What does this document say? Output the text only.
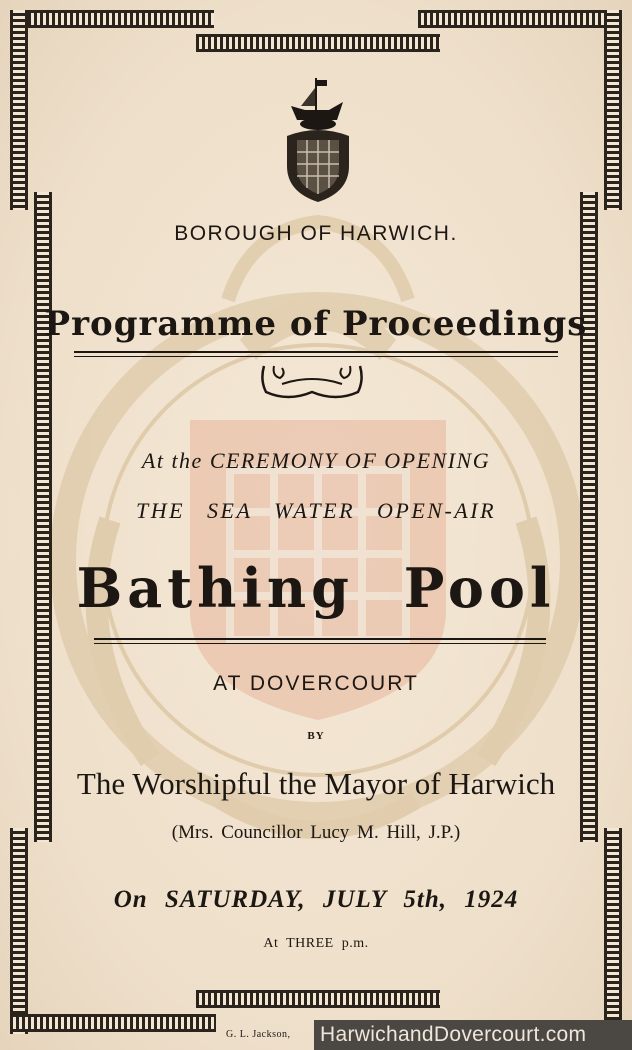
BOROUGH OF HARWICH.
Programme of Proceedings
At the CEREMONY OF OPENING
THE SEA WATER OPEN-AIR
Bathing Pool
AT DOVERCOURT
BY
The Worshipful the Mayor of Harwich
(Mrs. Councillor Lucy M. Hill, J.P.)
On SATURDAY, JULY 5th, 1924
At THREE p.m.
G. L. Jackson, HarwichandDovercourt.com
